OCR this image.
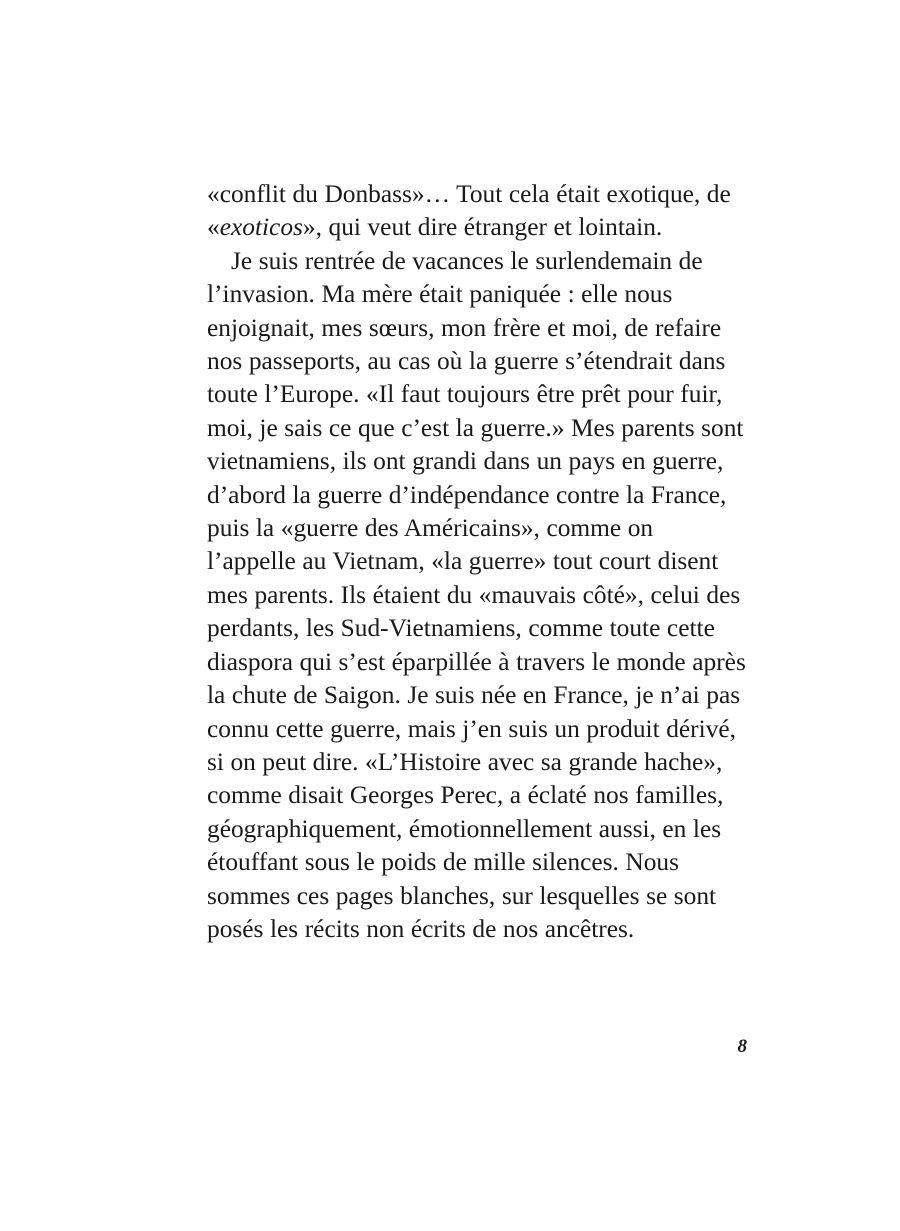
«conflit du Donbass»… Tout cela était exotique, de «exoticos», qui veut dire étranger et lointain.

Je suis rentrée de vacances le surlendemain de l’invasion. Ma mère était paniquée : elle nous enjoignait, mes sœurs, mon frère et moi, de refaire nos passeports, au cas où la guerre s’étendrait dans toute l’Europe. «Il faut toujours être prêt pour fuir, moi, je sais ce que c’est la guerre.» Mes parents sont vietnamiens, ils ont grandi dans un pays en guerre, d’abord la guerre d’indépendance contre la France, puis la «guerre des Américains», comme on l’appelle au Vietnam, «la guerre» tout court disent mes parents. Ils étaient du «mauvais côté», celui des perdants, les Sud-Vietnamiens, comme toute cette diaspora qui s’est éparpillée à travers le monde après la chute de Saigon. Je suis née en France, je n’ai pas connu cette guerre, mais j’en suis un produit dérivé, si on peut dire. «L’Histoire avec sa grande hache», comme disait Georges Perec, a éclaté nos familles, géographiquement, émotionnellement aussi, en les étouffant sous le poids de mille silences. Nous sommes ces pages blanches, sur lesquelles se sont posés les récits non écrits de nos ancêtres.

8
